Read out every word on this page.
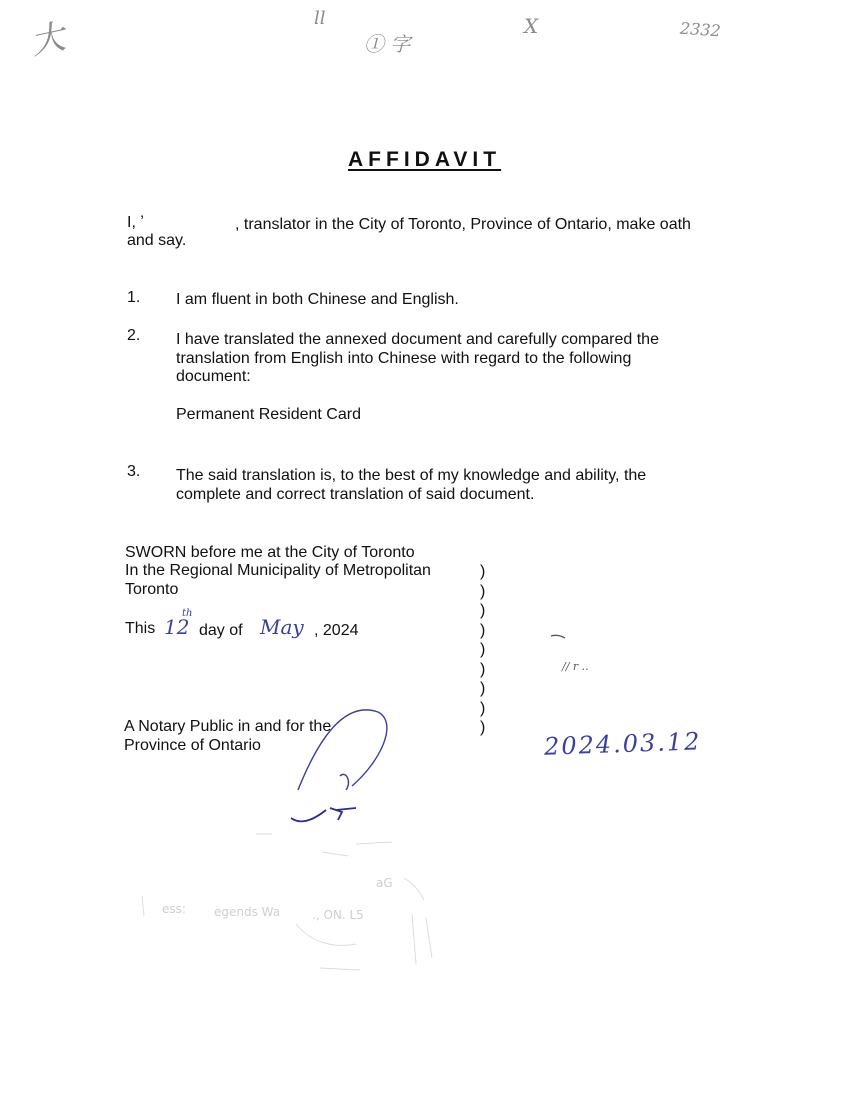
大	ll
① 字
X	2332
AFFIDAVIT
I, ʼ	, translator in the City of Toronto, Province of Ontario, make oath
and say.
1. I am fluent in both Chinese and English.
2. I have translated the annexed document and carefully compared the
translation from English into Chinese with regard to the following
document:
Permanent Resident Card
3. The said translation is, to the best of my knowledge and ability, the
complete and correct translation of said document.
SWORN before me at the City of Toronto
In the Regional Municipality of Metropolitan
Toronto
This 12
th
day of May , 2024
)
)
)
)
)
)
)
)
)
A Notary Public in and for the
Province of Ontario
// r ..
2024.03.12
ess: egends Wa	., ON. L5
aG
